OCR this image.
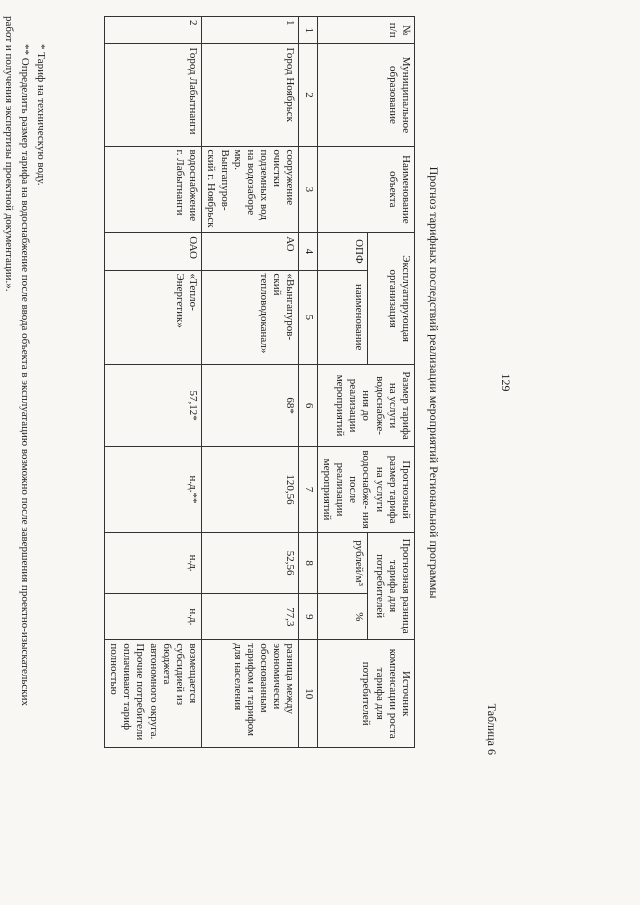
129
Таблица 6
Прогноз тарифных последствий реализации мероприятий Региональной программы
№ п/п	Муниципальное образование	Наименование объекта	Эксплуатирующая организация		Размер тарифа на услуги водоснабже- ния до реализации мероприятий	Прогнозный размер тарифа на услуги водоснабже- ния после реализации мероприятий	Прогнозная разница тарифа для потребителей		Источник компенсации роста тарифа для потребителей
			ОПФ	наименование			рублей/м³	%	
1	2	3	4	5	6	7	8	9	10
1	Город Ноябрьск	сооружение очистки подземных вод на водозаборе мкр. Вынгапуров- ский г. Ноябрьск	АО	«Вынгапуров- ский тепловодоканал»	68*	120,56	52,56	77,3	разница между экономически обоснованным тарифом и тарифом для населения
2	Город Лабытнанги	водоснабжение г. Лабытнанги	ОАО	«Тепло- Энергетик»	57,12*	н.д.**	н.д.	н.д.	возмещается субсидией из бюджета автономного округа. Прочие потребители оплачивают тариф полностью
* Тариф на техническую воду.
** Определить размер тарифа на водоснабжение после ввода объекта в эксплуатацию возможно после завершения проектно-изыскательских
работ и получения экспертизы проектной документации.».
